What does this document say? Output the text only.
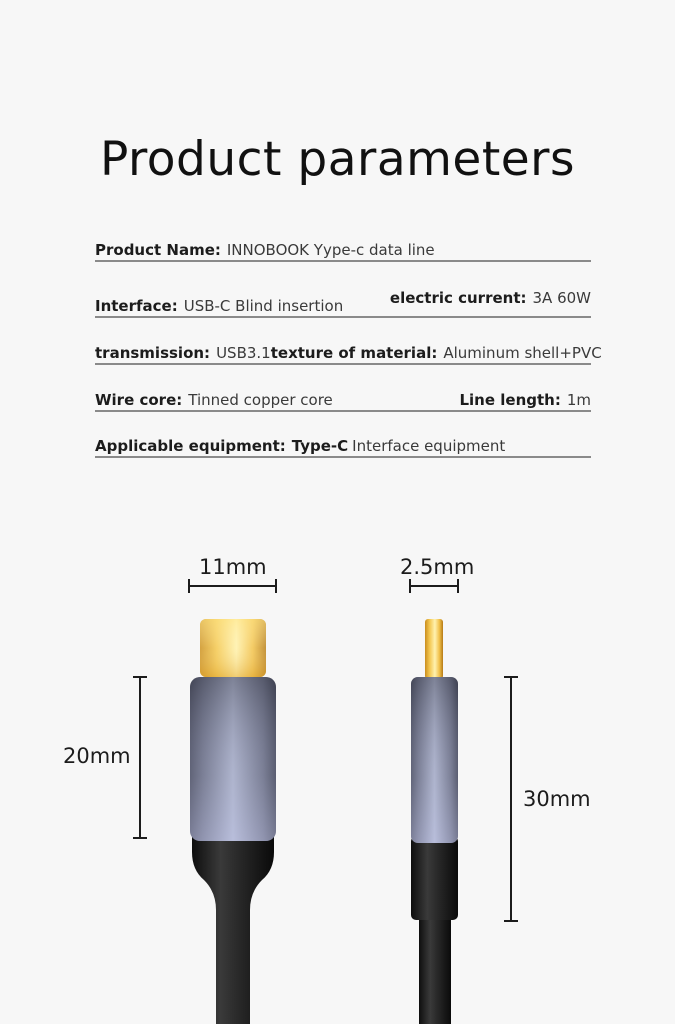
Product parameters
Product Name: INNOBOOK Yype-c data line
Interface: USB-C Blind insertion	electric current: 3A 60W
transmission: USB3.1 texture of material: Aluminum shell+PVC
Wire core: Tinned copper core	Line length: 1m
Applicable equipment: Type-C Interface equipment
11mm	2.5mm
20mm
30mm
